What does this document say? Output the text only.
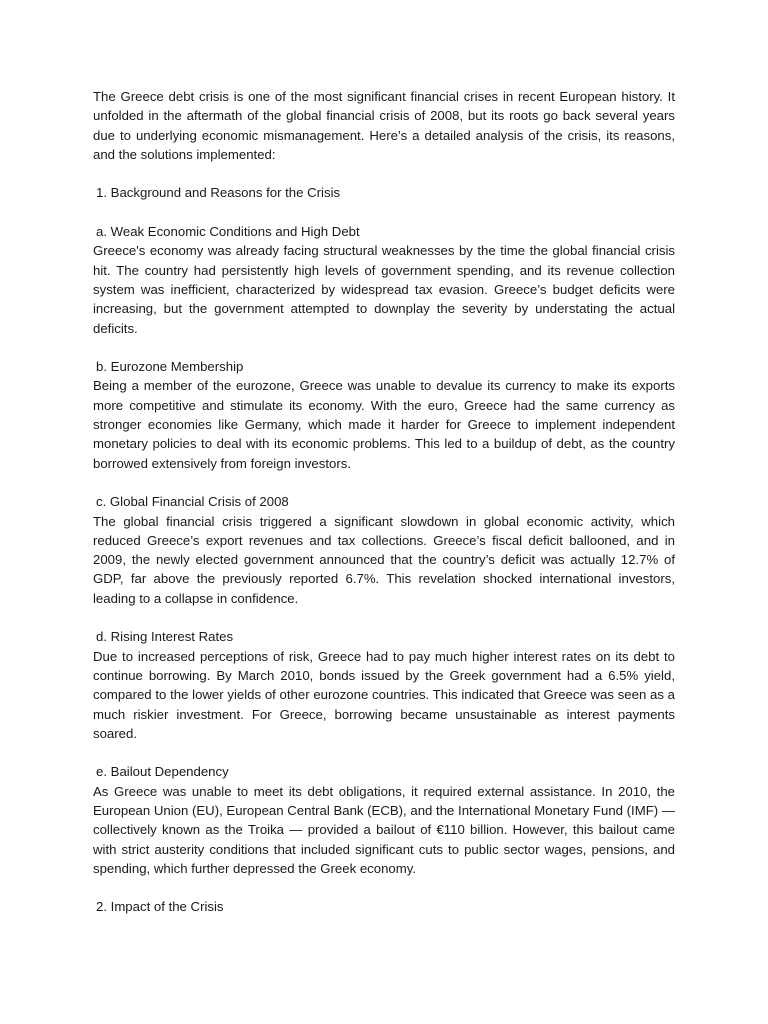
The Greece debt crisis is one of the most significant financial crises in recent European history. It unfolded in the aftermath of the global financial crisis of 2008, but its roots go back several years due to underlying economic mismanagement. Here’s a detailed analysis of the crisis, its reasons, and the solutions implemented:

1. Background and Reasons for the Crisis

a. Weak Economic Conditions and High Debt

Greece's economy was already facing structural weaknesses by the time the global financial crisis hit. The country had persistently high levels of government spending, and its revenue collection system was inefficient, characterized by widespread tax evasion. Greece’s budget deficits were increasing, but the government attempted to downplay the severity by understating the actual deficits.

b. Eurozone Membership

Being a member of the eurozone, Greece was unable to devalue its currency to make its exports more competitive and stimulate its economy. With the euro, Greece had the same currency as stronger economies like Germany, which made it harder for Greece to implement independent monetary policies to deal with its economic problems. This led to a buildup of debt, as the country borrowed extensively from foreign investors.

c. Global Financial Crisis of 2008

The global financial crisis triggered a significant slowdown in global economic activity, which reduced Greece’s export revenues and tax collections. Greece’s fiscal deficit ballooned, and in 2009, the newly elected government announced that the country’s deficit was actually 12.7% of GDP, far above the previously reported 6.7%. This revelation shocked international investors, leading to a collapse in confidence.

d. Rising Interest Rates

Due to increased perceptions of risk, Greece had to pay much higher interest rates on its debt to continue borrowing. By March 2010, bonds issued by the Greek government had a 6.5% yield, compared to the lower yields of other eurozone countries. This indicated that Greece was seen as a much riskier investment. For Greece, borrowing became unsustainable as interest payments soared.

e. Bailout Dependency

As Greece was unable to meet its debt obligations, it required external assistance. In 2010, the European Union (EU), European Central Bank (ECB), and the International Monetary Fund (IMF) — collectively known as the Troika — provided a bailout of €110 billion. However, this bailout came with strict austerity conditions that included significant cuts to public sector wages, pensions, and spending, which further depressed the Greek economy.

2. Impact of the Crisis
